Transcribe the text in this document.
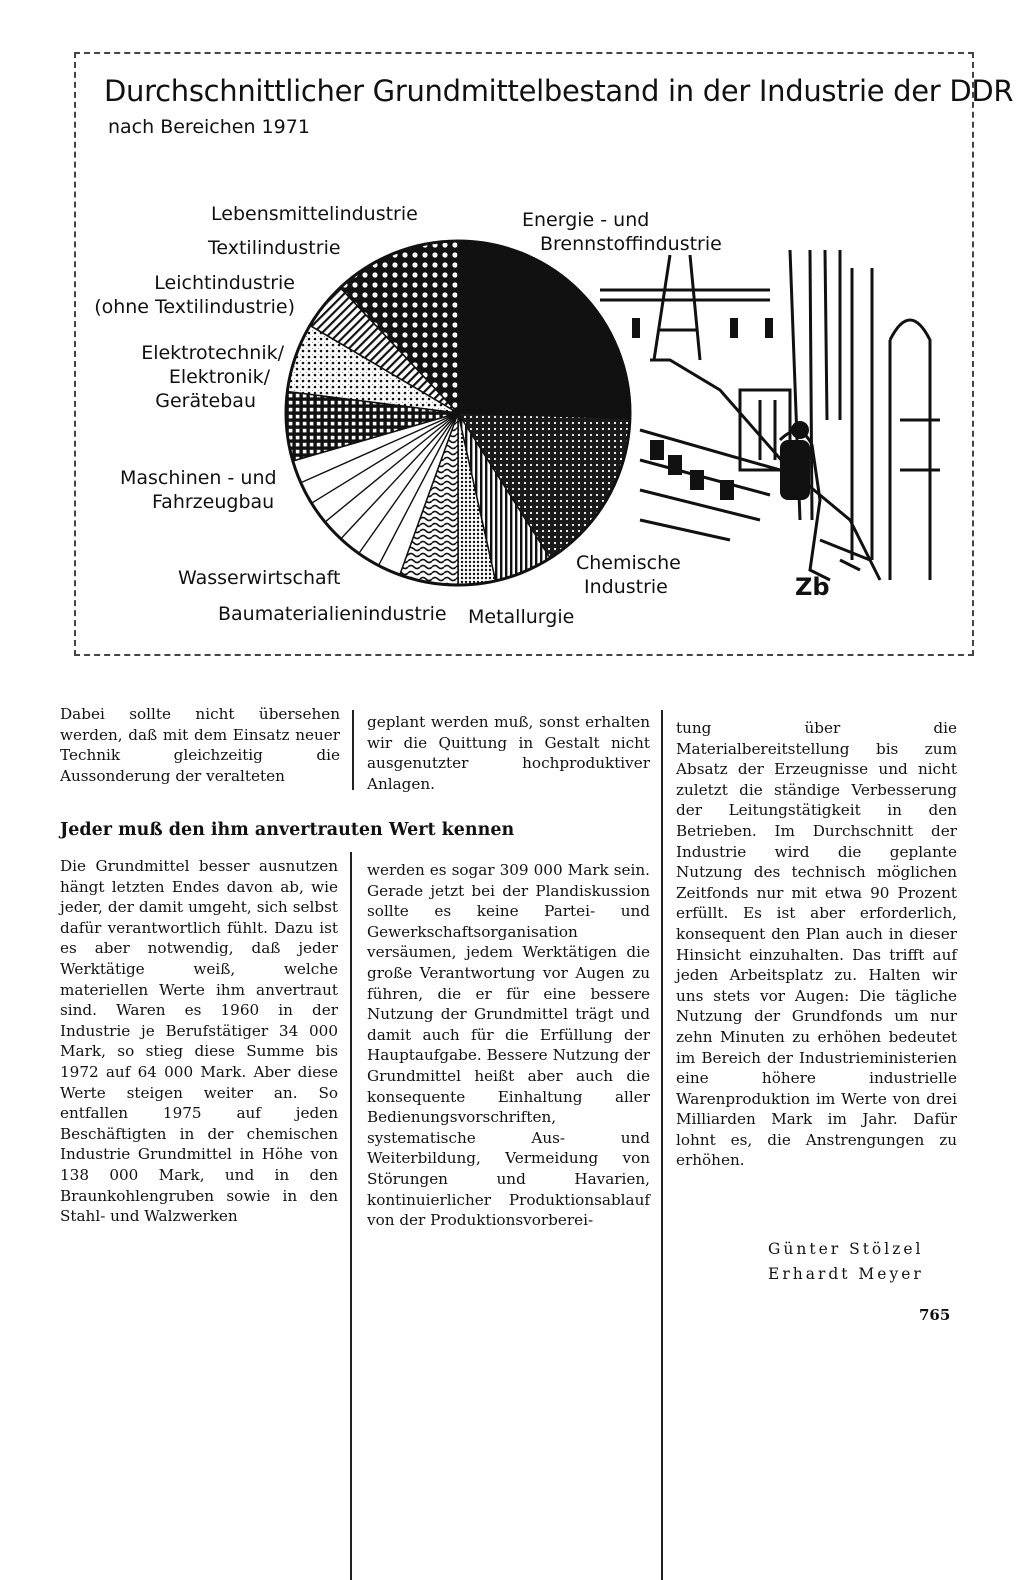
Durchschnittlicher Grundmittelbestand in der Industrie der DDR
nach Bereichen 1971
Zb
Lebensmittelindustrie
Textilindustrie
Leichtindustrie
(ohne Textilindustrie)
Elektrotechnik/
Elektronik/
Gerätebau
Maschinen - und
Fahrzeugbau
Wasserwirtschaft
Baumaterialienindustrie Metallurgie
Chemische
Industrie
Energie - und
Brennstoffindustrie

Dabei sollte nicht übersehen werden, daß mit dem Einsatz neuer Technik gleichzeitig die Aussonderung der veralteten

geplant werden muß, sonst erhalten wir die Quittung in Gestalt nicht ausgenutzter hochproduktiver Anlagen.

tung über die Materialbereitstellung bis zum Absatz der Erzeugnisse und nicht zuletzt die ständige Verbesserung der Leitungstätigkeit in den Betrieben. Im Durchschnitt der Industrie wird die geplante Nutzung des technisch möglichen Zeitfonds nur mit etwa 90 Prozent erfüllt. Es ist aber erforderlich, konsequent den Plan auch in dieser Hinsicht einzuhalten. Das trifft auf jeden Arbeitsplatz zu. Halten wir uns stets vor Augen: Die tägliche Nutzung der Grundfonds um nur zehn Minuten zu erhöhen bedeutet im Bereich der Industrieministerien eine höhere industrielle Warenproduktion im Werte von drei Milliarden Mark im Jahr. Dafür lohnt es, die Anstrengungen zu erhöhen.

Jeder muß den ihm anvertrauten Wert kennen

Die Grundmittel besser ausnutzen hängt letzten Endes davon ab, wie jeder, der damit umgeht, sich selbst dafür verantwortlich fühlt. Dazu ist es aber notwendig, daß jeder Werktätige weiß, welche materiellen Werte ihm anvertraut sind. Waren es 1960 in der Industrie je Berufstätiger 34 000 Mark, so stieg diese Summe bis 1972 auf 64 000 Mark. Aber diese Werte steigen weiter an. So entfallen 1975 auf jeden Beschäftigten in der chemischen Industrie Grundmittel in Höhe von 138 000 Mark, und in den Braunkohlengruben sowie in den Stahl- und Walzwerken

werden es sogar 309 000 Mark sein. Gerade jetzt bei der Plandiskussion sollte es keine Partei- und Gewerkschaftsorganisation versäumen, jedem Werktätigen die große Verantwortung vor Augen zu führen, die er für eine bessere Nutzung der Grundmittel trägt und damit auch für die Erfüllung der Hauptaufgabe. Bessere Nutzung der Grundmittel heißt aber auch die konsequente Einhaltung aller Bedienungsvorschriften, systematische Aus- und Weiterbildung, Vermeidung von Störungen und Havarien, kontinuierlicher Produktionsablauf von der Produktionsvorberei-

Günter Stölzel
Erhardt Meyer
765
